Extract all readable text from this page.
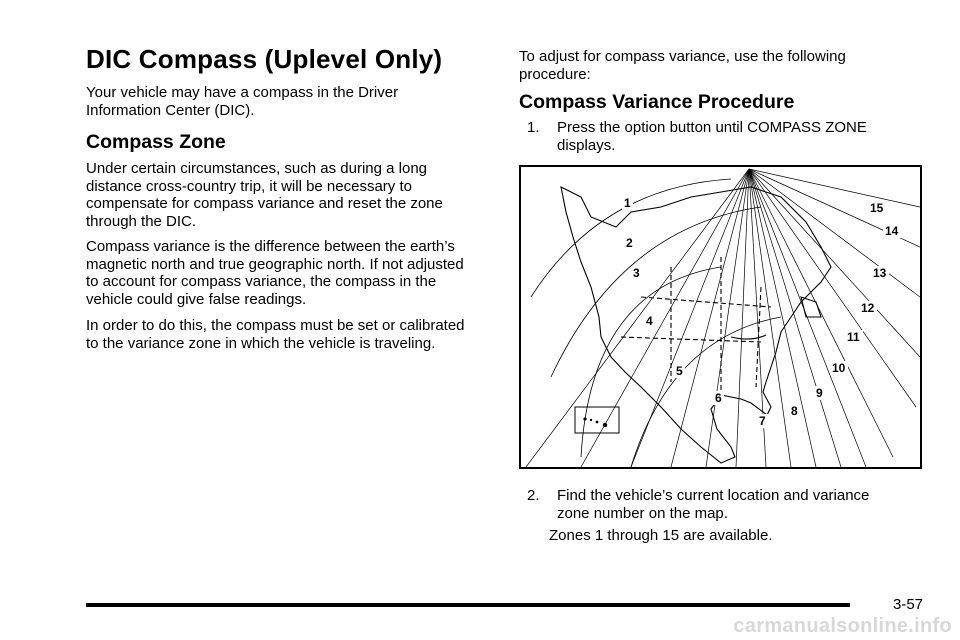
DIC Compass (Uplevel Only)

Your vehicle may have a compass in the Driver Information Center (DIC).

Compass Zone

Under certain circumstances, such as during a long distance cross-country trip, it will be necessary to compensate for compass variance and reset the zone through the DIC.

Compass variance is the difference between the earth’s magnetic north and true geographic north. If not adjusted to account for compass variance, the compass in the vehicle could give false readings.

In order to do this, the compass must be set or calibrated to the variance zone in which the vehicle is traveling.

To adjust for compass variance, use the following procedure:

Compass Variance Procedure
1. Press the option button until COMPASS ZONE displays.
1
2
3
4
5
6
7
8
9
10
11
12
13
14
15
2. Find the vehicle’s current location and variance zone number on the map.

Zones 1 through 15 are available.

3-57
carmanualsonline.info
